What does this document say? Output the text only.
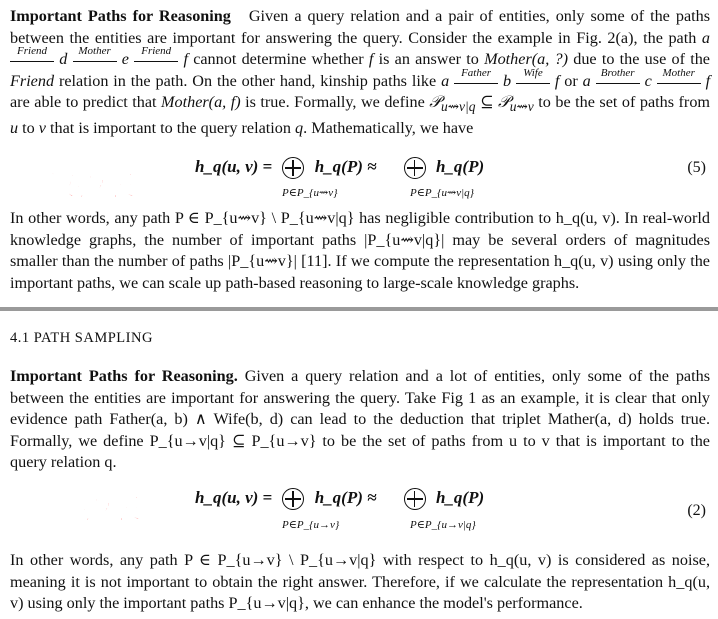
Important Paths for Reasoning Given a query relation and a pair of entities, only some of the paths between the entities are important for answering the query. Consider the example in Fig. 2(a), the path a
Friend d	Mother e	Friend f cannot determine whether f is an answer to Mother(a, ?) due to the use of the Friend relation in the path. On the other hand, kinship paths like a	Father b	Wife f or a Brother c Mother f are able to predict that Mother(a, f) is true. Formally, we define 𝒫$_{u⇝v|q}$ ⊆ 𝒫$_{u⇝v}$ to be the set of paths from u to v that is important to the query relation q. Mathematically, we have
被抄袭
h_q(u, v) =	h_q(P) ≈	h_q(P)
P∈P_{u⇝v}	P∈P_{u⇝v|q}
(5)
In other words, any path P ∈ P_{u⇝v} \ P_{u⇝v|q} has negligible contribution to h_q(u, v). In real-world knowledge graphs, the number of important paths |P_{u⇝v|q}| may be several orders of magnitudes smaller than the number of paths |P_{u⇝v}| [11]. If we compute the representation h_q(u, v) using only the important paths, we can scale up path-based reasoning to large-scale knowledge graphs.
4.1 PATH SAMPLING
Important Paths for Reasoning. Given a query relation and a lot of entities, only some of the paths between the entities are important for answering the query. Take Fig 1 as an example, it is clear that only evidence path Father(a, b) ∧ Wife(b, d) can lead to the deduction that triplet Mather(a, d) holds true. Formally, we define P_{u→v|q} ⊆ P_{u→v} to be the set of paths from u to v that is important to the query relation q.
抄袭	h_q(u, v) =	h_q(P) ≈	h_q(P)
P∈P_{u→v}	P∈P_{u→v|q}
(2)
In other words, any path P ∈ P_{u→v} \ P_{u→v|q} with respect to h_q(u, v) is considered as noise, meaning it is not important to obtain the right answer. Therefore, if we calculate the representation h_q(u, v) using only the important paths P_{u→v|q}, we can enhance the model's performance.
